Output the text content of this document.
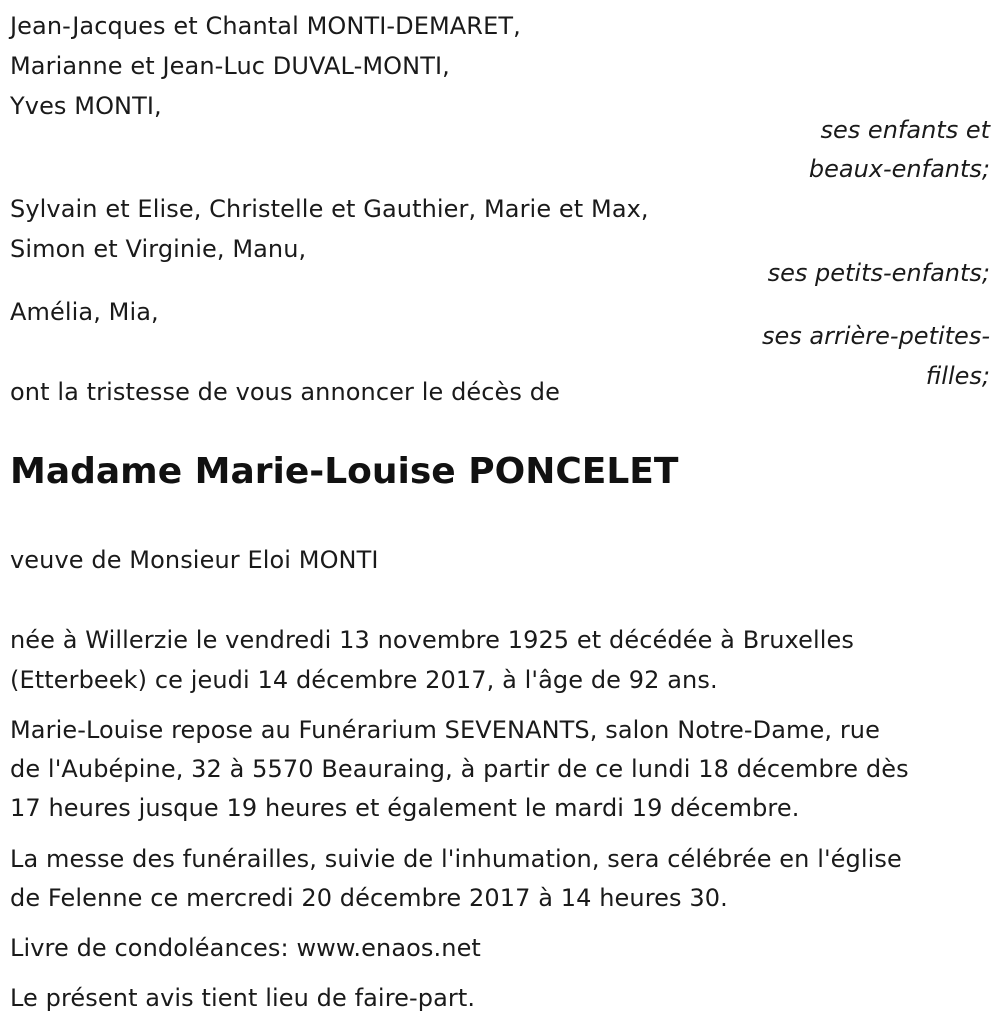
Jean-Jacques et Chantal MONTI-DEMARET,
Marianne et Jean-Luc DUVAL-MONTI,
Yves MONTI,
ses enfants et
beaux-enfants;
Sylvain et Elise, Christelle et Gauthier, Marie et Max,
Simon et Virginie, Manu,
ses petits-enfants;
Amélia, Mia,
ses arrière-petites-
filles;
ont la tristesse de vous annoncer le décès de
Madame Marie-Louise PONCELET
veuve de Monsieur Eloi MONTI
née à Willerzie le vendredi 13 novembre 1925 et décédée à Bruxelles
(Etterbeek) ce jeudi 14 décembre 2017, à l'âge de 92 ans.
Marie-Louise repose au Funérarium SEVENANTS, salon Notre-Dame, rue
de l'Aubépine, 32 à 5570 Beauraing, à partir de ce lundi 18 décembre dès
17 heures jusque 19 heures et également le mardi 19 décembre.
La messe des funérailles, suivie de l'inhumation, sera célébrée en l'église
de Felenne ce mercredi 20 décembre 2017 à 14 heures 30.
Livre de condoléances: www.enaos.net
Le présent avis tient lieu de faire-part.
